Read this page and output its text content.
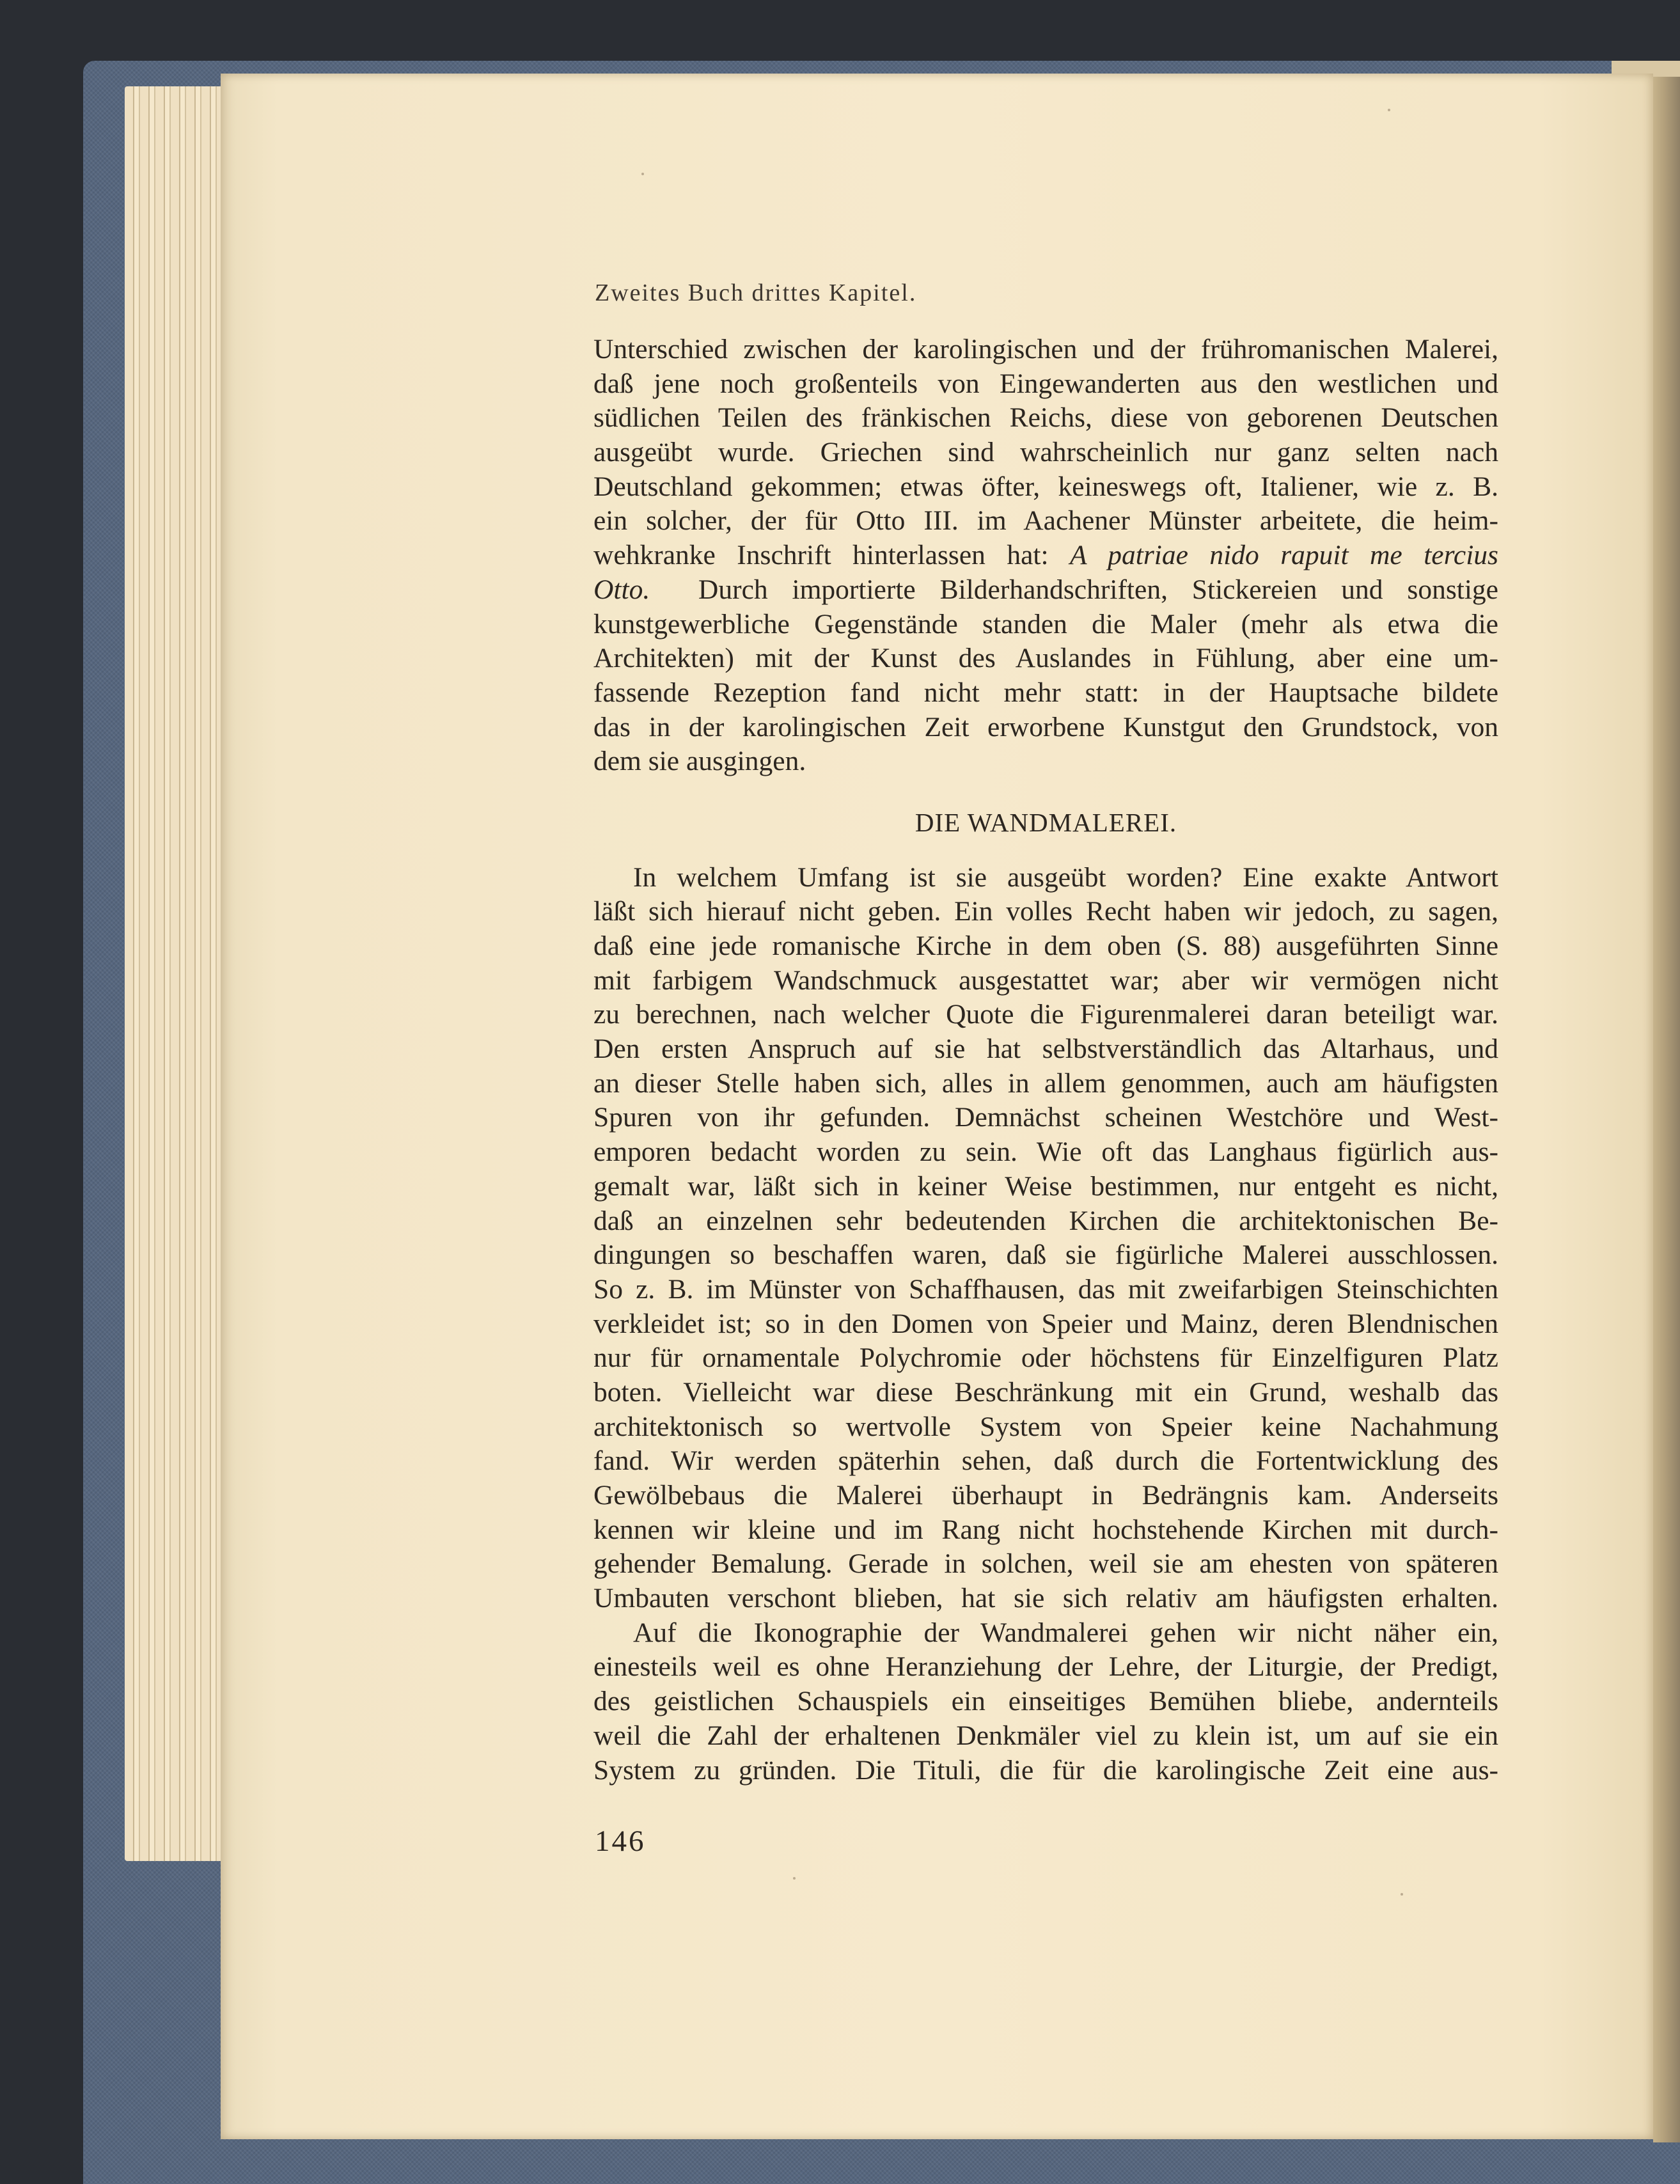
Zweites Buch drittes Kapitel.
Unterschied zwischen der karolingischen und der frühromanischen Malerei,
daß jene noch großenteils von Eingewanderten aus den westlichen und
südlichen Teilen des fränkischen Reichs, diese von geborenen Deutschen
ausgeübt wurde. Griechen sind wahrscheinlich nur ganz selten nach
Deutschland gekommen; etwas öfter, keineswegs oft, Italiener, wie z. B.
ein solcher, der für Otto III. im Aachener Münster arbeitete, die heim-
wehkranke Inschrift hinterlassen hat: A patriae nido rapuit me tercius
Otto. Durch importierte Bilderhandschriften, Stickereien und sonstige
kunstgewerbliche Gegenstände standen die Maler (mehr als etwa die
Architekten) mit der Kunst des Auslandes in Fühlung, aber eine um-
fassende Rezeption fand nicht mehr statt: in der Hauptsache bildete
das in der karolingischen Zeit erworbene Kunstgut den Grundstock, von
dem sie ausgingen.
DIE WANDMALEREI.
In welchem Umfang ist sie ausgeübt worden? Eine exakte Antwort
läßt sich hierauf nicht geben. Ein volles Recht haben wir jedoch, zu sagen,
daß eine jede romanische Kirche in dem oben (S. 88) ausgeführten Sinne
mit farbigem Wandschmuck ausgestattet war; aber wir vermögen nicht
zu berechnen, nach welcher Quote die Figurenmalerei daran beteiligt war.
Den ersten Anspruch auf sie hat selbstverständlich das Altarhaus, und
an dieser Stelle haben sich, alles in allem genommen, auch am häufigsten
Spuren von ihr gefunden. Demnächst scheinen Westchöre und West-
emporen bedacht worden zu sein. Wie oft das Langhaus figürlich aus-
gemalt war, läßt sich in keiner Weise bestimmen, nur entgeht es nicht,
daß an einzelnen sehr bedeutenden Kirchen die architektonischen Be-
dingungen so beschaffen waren, daß sie figürliche Malerei ausschlossen.
So z. B. im Münster von Schaffhausen, das mit zweifarbigen Steinschichten
verkleidet ist; so in den Domen von Speier und Mainz, deren Blendnischen
nur für ornamentale Polychromie oder höchstens für Einzelfiguren Platz
boten. Vielleicht war diese Beschränkung mit ein Grund, weshalb das
architektonisch so wertvolle System von Speier keine Nachahmung
fand. Wir werden späterhin sehen, daß durch die Fortentwicklung des
Gewölbebaus die Malerei überhaupt in Bedrängnis kam. Anderseits
kennen wir kleine und im Rang nicht hochstehende Kirchen mit durch-
gehender Bemalung. Gerade in solchen, weil sie am ehesten von späteren
Umbauten verschont blieben, hat sie sich relativ am häufigsten erhalten.
Auf die Ikonographie der Wandmalerei gehen wir nicht näher ein,
einesteils weil es ohne Heranziehung der Lehre, der Liturgie, der Predigt,
des geistlichen Schauspiels ein einseitiges Bemühen bliebe, andernteils
weil die Zahl der erhaltenen Denkmäler viel zu klein ist, um auf sie ein
System zu gründen. Die Tituli, die für die karolingische Zeit eine aus-
146
